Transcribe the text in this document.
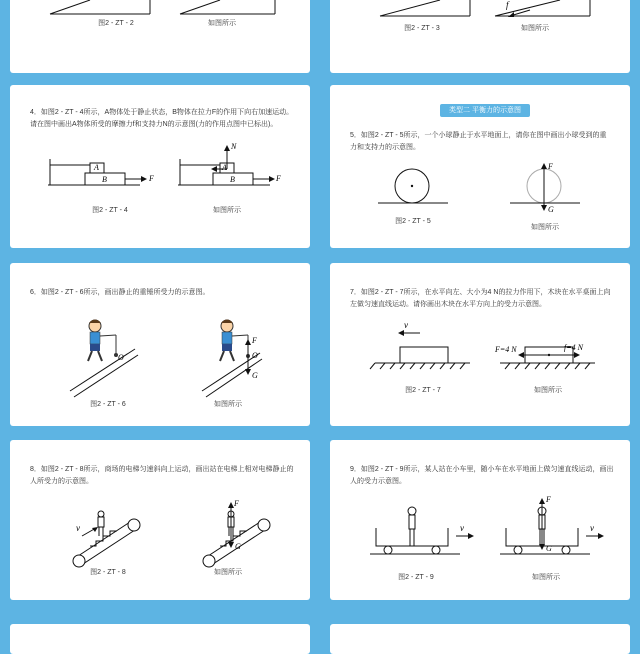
图2 - ZT - 2	如图所示
f
图2 - ZT - 3	如图所示
4．如图2 - ZT - 4所示，A物体处于静止状态，B物体在拉力F的作用下向右加速运动。请在图中画出A物体所受的摩擦力f和支持力N的示意图(力的作用点图中已标出)。
A
B	F
A
B	F
N
图2 - ZT - 4	如图所示
5．如图2 - ZT - 5所示，一个小球静止于水平地面上，请你在图中画出小球受到的重力和支持力的示意图。
类型二 平衡力的示意图
F
G
图2 - ZT - 5
如图所示
6．如图2 - ZT - 6所示，画出静止的重锤所受力的示意图。
O
F
O
G
图2 - ZT - 6	如图所示
7．如图2 - ZT - 7所示，在水平向左、大小为4 N的拉力作用下，木块在水平桌面上向左做匀速直线运动。请你画出木块在水平方向上的受力示意图。
v
F=4 N	f=4 N
图2 - ZT - 7	如图所示
8．如图2 - ZT - 8所示，商场的电梯匀速斜向上运动，画出站在电梯上相对电梯静止的人所受力的示意图。
v
F
G
图2 - ZT - 8	如图所示
9．如图2 - ZT - 9所示，某人站在小车里，随小车在水平地面上做匀速直线运动，画出人的受力示意图。
v	v
F
G
图2 - ZT - 9	如图所示
